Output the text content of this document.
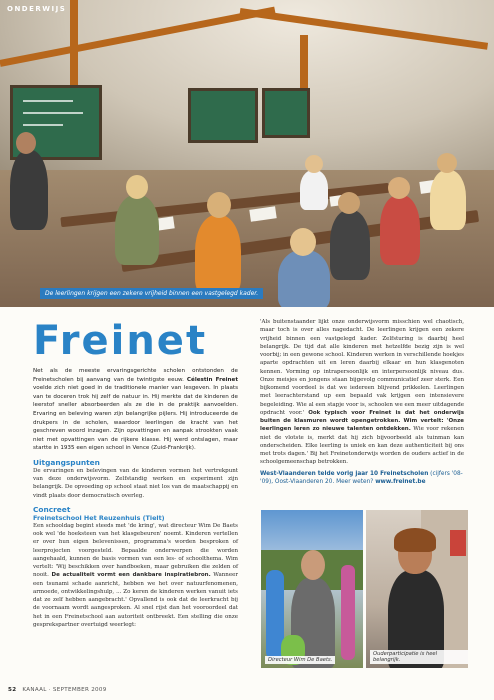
ONDERWIJS
De leerlingen krijgen een zekere vrijheid binnen een vastgelegd kader.
Freinet

Net als de meeste ervaringsgerichte scholen ontstonden de Freinetscholen bij aanvang van de twintigste eeuw. Célestin Freinet voelde zich niet goed in de traditionele manier van lesgeven. In plaats van te doceren trok hij zelf de natuur in. Hij merkte dat de kinderen de leerstof sneller absorbeerden als ze die in de praktijk aanvoelden. Ervaring en beleving waren zijn belangrijke pijlers. Hij introduceerde de drukpers in de scholen, waardoor leerlingen de kracht van het geschreven woord inzagen. Zijn opvattingen en aanpak strookten vaak niet met opvattingen van de rijkere klasse. Hij werd ontslagen, maar startte in 1935 een eigen school in Vence (Zuid-Frankrijk).

Uitgangspunten

De ervaringen en belevingen van de kinderen vormen het vertrekpunt van deze onderwijsvorm. Zelfstandig werken en experiment zijn belangrijk. De opvoeding op school staat niet los van de maatschappij en vindt plaats door democratisch overleg.

Concreet
Freinetschool Het Reuzenhuis (Tielt)

Een schooldag begint steeds met 'de kring', wat directeur Wim De Baets ook wel 'de hoeksteen van het klasgebeuren' noemt. Kinderen vertellen er over hun eigen belevenissen, programma's worden besproken of leerprojecten voorgesteld. Bepaalde onderwerpen die worden aangehaald, kunnen de basis vormen van een les- of schoolthema. Wim vertelt: 'Wij beschikken over handboeken, maar gebruiken die zelden of nooit. De actualiteit vormt een dankbare inspiratiebron. Wanneer een tsunami schade aanricht, hebben we het over natuurfenomenen, armoede, ontwikkelingshulp, ... Zo keren de kinderen werken vanuit iets dat ze zelf hebben aangebracht.' Opvallend is ook dat de leerkracht bij de voornaam wordt aangesproken. Al snel rijst dan het vooroordeel dat het in een Freinetschool aan autoriteit ontbreekt. Een stelling die onze gesprekspartner overtuigd weerlegt:

'Als buitenstaander lijkt onze onderwijsvorm misschien wel chaotisch, maar toch is over alles nagedacht. De leerlingen krijgen een zekere vrijheid binnen een vastgelegd kader. Zelfsturing is daarbij heel belangrijk. De tijd dat alle kinderen met hetzelfde bezig zijn is wel voorbij; in een gewone school. Kinderen werken in verschillende hoekjes aparte opdrachten uit en leren daarbij elkaar en hun klasgenoten kennen. Vorming op intrapersoonlijk en interpersoonlijk niveau dus. Onze meisjes en jongens staan bijgevolg communicatief zeer sterk. Een bijkomend voordeel is dat we iedereen blijvend prikkelen. Leerlingen met leerachterstand up een bepaald vak krijgen een intensievere begeleiding. Wie al een stapje voor is, schoolen we een meer uitdagende opdracht voor.' Ook typisch voor Freinet is dat het onderwijs buiten de klasmuren wordt opengetrokken. Wim vertelt: 'Onze leerlingen leren zo nieuwe talenten ontdekken. Wie voor rekenen niet de vlotste is, merkt dat hij zich bijvoorbeeld als tuinman kan onderscheiden. Elke leerling is uniek en kan deze authenticiteit bij ons met trots dagen.' Bij het Freinetonderwijs worden de ouders actief in de schoolgemeenschap betrokken.

West-Vlaanderen telde vorig jaar 10 Freinetscholen (cijfers '08-'09), Oost-Vlaanderen 20. Meer weten? www.freinet.be

Directeur Wim De Baets.
Ouderparticipatie is heel belangrijk.
52 KANAAL · SEPTEMBER 2009
